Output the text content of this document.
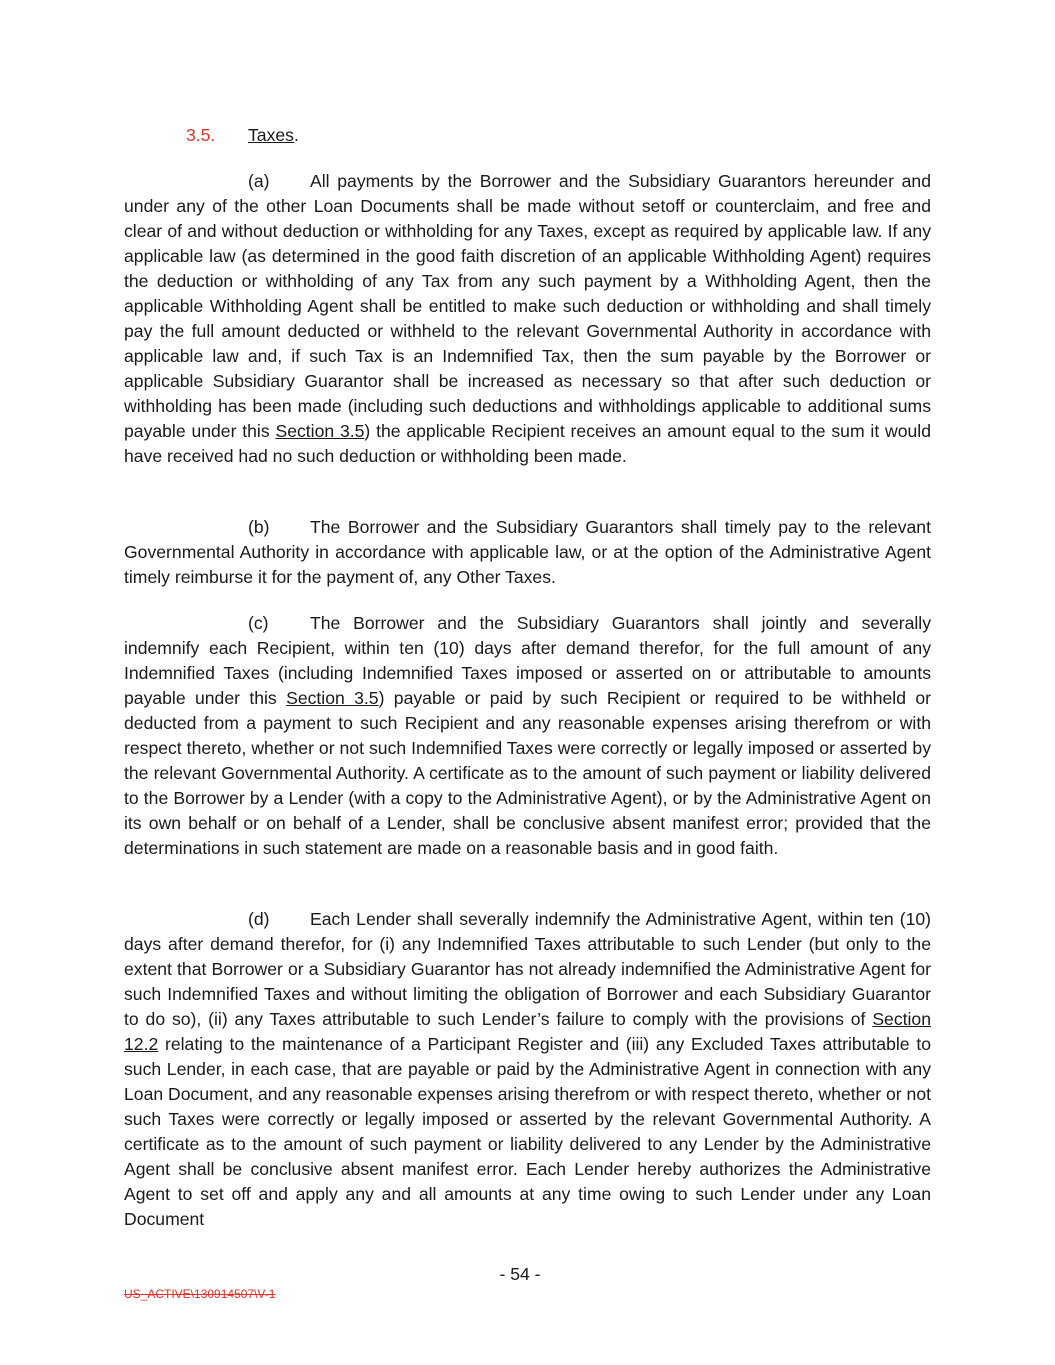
3.5. Taxes.

(a) All payments by the Borrower and the Subsidiary Guarantors hereunder and under any of the other Loan Documents shall be made without setoff or counterclaim, and free and clear of and without deduction or withholding for any Taxes, except as required by applicable law. If any applicable law (as determined in the good faith discretion of an applicable Withholding Agent) requires the deduction or withholding of any Tax from any such payment by a Withholding Agent, then the applicable Withholding Agent shall be entitled to make such deduction or withholding and shall timely pay the full amount deducted or withheld to the relevant Governmental Authority in accordance with applicable law and, if such Tax is an Indemnified Tax, then the sum payable by the Borrower or applicable Subsidiary Guarantor shall be increased as necessary so that after such deduction or withholding has been made (including such deductions and withholdings applicable to additional sums payable under this Section 3.5) the applicable Recipient receives an amount equal to the sum it would have received had no such deduction or withholding been made.

(b) The Borrower and the Subsidiary Guarantors shall timely pay to the relevant Governmental Authority in accordance with applicable law, or at the option of the Administrative Agent timely reimburse it for the payment of, any Other Taxes.

(c) The Borrower and the Subsidiary Guarantors shall jointly and severally indemnify each Recipient, within ten (10) days after demand therefor, for the full amount of any Indemnified Taxes (including Indemnified Taxes imposed or asserted on or attributable to amounts payable under this Section 3.5) payable or paid by such Recipient or required to be withheld or deducted from a payment to such Recipient and any reasonable expenses arising therefrom or with respect thereto, whether or not such Indemnified Taxes were correctly or legally imposed or asserted by the relevant Governmental Authority. A certificate as to the amount of such payment or liability delivered to the Borrower by a Lender (with a copy to the Administrative Agent), or by the Administrative Agent on its own behalf or on behalf of a Lender, shall be conclusive absent manifest error; provided that the determinations in such statement are made on a reasonable basis and in good faith.

(d) Each Lender shall severally indemnify the Administrative Agent, within ten (10) days after demand therefor, for (i) any Indemnified Taxes attributable to such Lender (but only to the extent that Borrower or a Subsidiary Guarantor has not already indemnified the Administrative Agent for such Indemnified Taxes and without limiting the obligation of Borrower and each Subsidiary Guarantor to do so), (ii) any Taxes attributable to such Lender’s failure to comply with the provisions of Section 12.2 relating to the maintenance of a Participant Register and (iii) any Excluded Taxes attributable to such Lender, in each case, that are payable or paid by the Administrative Agent in connection with any Loan Document, and any reasonable expenses arising therefrom or with respect thereto, whether or not such Taxes were correctly or legally imposed or asserted by the relevant Governmental Authority. A certificate as to the amount of such payment or liability delivered to any Lender by the Administrative Agent shall be conclusive absent manifest error. Each Lender hereby authorizes the Administrative Agent to set off and apply any and all amounts at any time owing to such Lender under any Loan Document

- 54 -
US_ACTIVE\130914507\V-1
